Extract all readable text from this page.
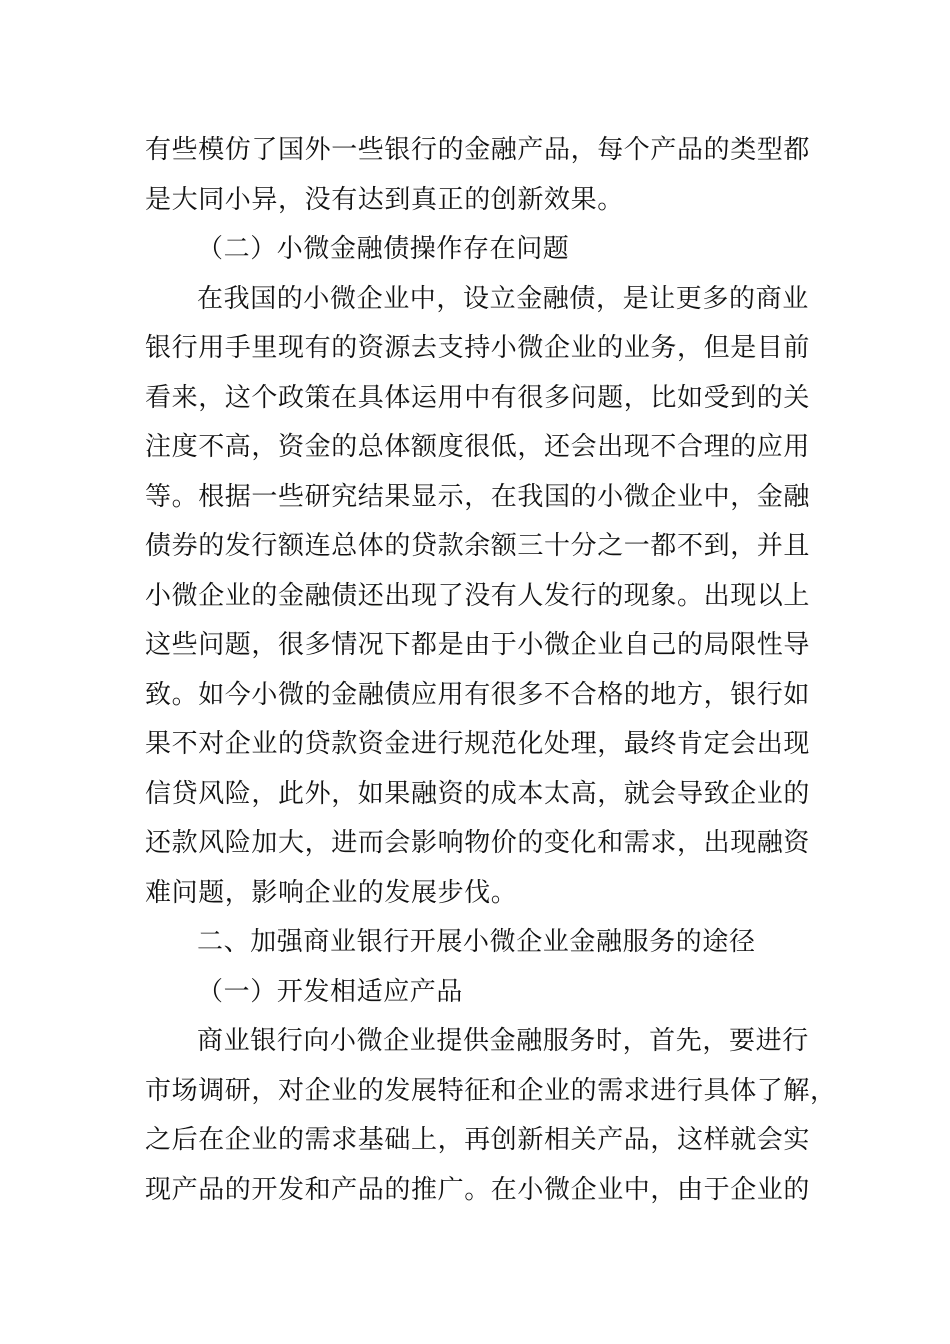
有些模仿了国外一些银行的金融产品，每个产品的类型都
是大同小异，没有达到真正的创新效果。
（二）小微金融债操作存在问题
在我国的小微企业中，设立金融债，是让更多的商业
银行用手里现有的资源去支持小微企业的业务，但是目前
看来，这个政策在具体运用中有很多问题，比如受到的关
注度不高，资金的总体额度很低，还会出现不合理的应用
等。根据一些研究结果显示，在我国的小微企业中，金融
债券的发行额连总体的贷款余额三十分之一都不到，并且
小微企业的金融债还出现了没有人发行的现象。出现以上
这些问题，很多情况下都是由于小微企业自己的局限性导
致。如今小微的金融债应用有很多不合格的地方，银行如
果不对企业的贷款资金进行规范化处理，最终肯定会出现
信贷风险，此外，如果融资的成本太高，就会导致企业的
还款风险加大，进而会影响物价的变化和需求，出现融资
难问题，影响企业的发展步伐。
二、加强商业银行开展小微企业金融服务的途径
（一）开发相适应产品
商业银行向小微企业提供金融服务时，首先，要进行
市场调研，对企业的发展特征和企业的需求进行具体了解，
之后在企业的需求基础上，再创新相关产品，这样就会实
现产品的开发和产品的推广。在小微企业中，由于企业的
